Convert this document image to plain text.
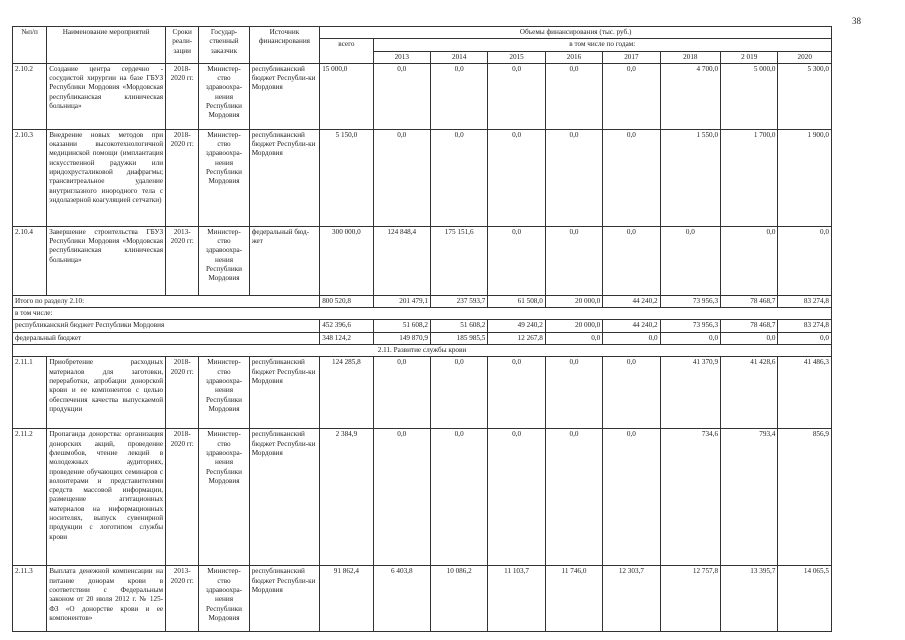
38
№п/п	Наименование мероприятий	Сроки реали-зации	Государ-ственный заказчик	Источник финансирования	Объемы финансирования (тыс. руб.)								
					всего	в том числе по годам:							
						2013	2014	2015	2016	2017	2018	2 019	2020
2.10.2	Создание центра сердечно - сосудистой хирургии на базе ГБУЗ Республики Мордовия «Мордовская республиканская клиническая больница»	2018-2020 гг.	Министер-ство здравоохра-нения Республики Мордовия	республиканский бюджет Республи-ки Мордовия	15 000,0	0,0	0,0	0,0	0,0	0,0	4 700,0	5 000,0	5 300,0
2.10.3	Внедрение новых методов при оказании высокотехнологичной медицинской помощи (имплантация искусственной радужки или иридохрусталиковой диафрагмы; трансвитреальное удаление внутриглазного инородного тела с эндолазерной коагуляцией сетчатки)	2018-2020 гг.	Министер-ство здравоохра-нения Республики Мордовия	республиканский бюджет Республи-ки Мордовия	5 150,0	0,0	0,0	0,0	0,0	0,0	1 550,0	1 700,0	1 900,0
2.10.4	Завершение строительства ГБУЗ Республики Мордовия «Мордовская республиканская клиническая больница»	2013-2020 гг.	Министер-ство здравоохра-нения Республики Мордовия	федеральный бюд-жет	300 000,0	124 848,4	175 151,6	0,0	0,0	0,0	0,0	0,0	0,0
Итого по разделу 2.10:					800 520,8	201 479,1	237 593,7	61 508,0	20 000,0	44 240,2	73 956,3	78 468,7	83 274,8
в том числе:													
республиканский бюджет Республики Мордовия					452 396,6	51 608,2	51 608,2	49 240,2	20 000,0	44 240,2	73 956,3	78 468,7	83 274,8
федеральный бюджет					348 124,2	149 870,9	185 985,5	12 267,8	0,0	0,0	0,0	0,0	0,0
2.11. Развитие службы крови													
2.11.1	Приобретение расходных материалов для заготовки, переработки, апробации донорской крови и ее компонентов с целью обеспечения качества выпускаемой продукции	2018-2020 гг.	Министер-ство здравоохра-нения Республики Мордовия	республиканский бюджет Республи-ки Мордовия	124 285,8	0,0	0,0	0,0	0,0	0,0	41 370,9	41 428,6	41 486,3
2.11.2	Пропаганда донорства: организация донорских акций, проведение флешмобов, чтение лекций в молодежных аудиториях, проведение обучающих семинаров с волонтерами и представителями средств массовой информации, размещение агитационных материалов на информационных носителях, выпуск сувенирной продукции с логотипом службы крови	2018-2020 гг.	Министер-ство здравоохра-нения Республики Мордовия	республиканский бюджет Республи-ки Мордовия	2 384,9	0,0	0,0	0,0	0,0	0,0	734,6	793,4	856,9
2.11.3	Выплата денежной компенсации на питание донорам крови в соответствии с Федеральным законом от 20 июля 2012 г. № 125-ФЗ «О донорстве крови и ее компонентов»	2013-2020 гг.	Министер-ство здравоохра-нения Республики Мордовия	республиканский бюджет Республи-ки Мордовия	91 862,4	6 403,8	10 086,2	11 103,7	11 746,0	12 303,7	12 757,8	13 395,7	14 065,5
